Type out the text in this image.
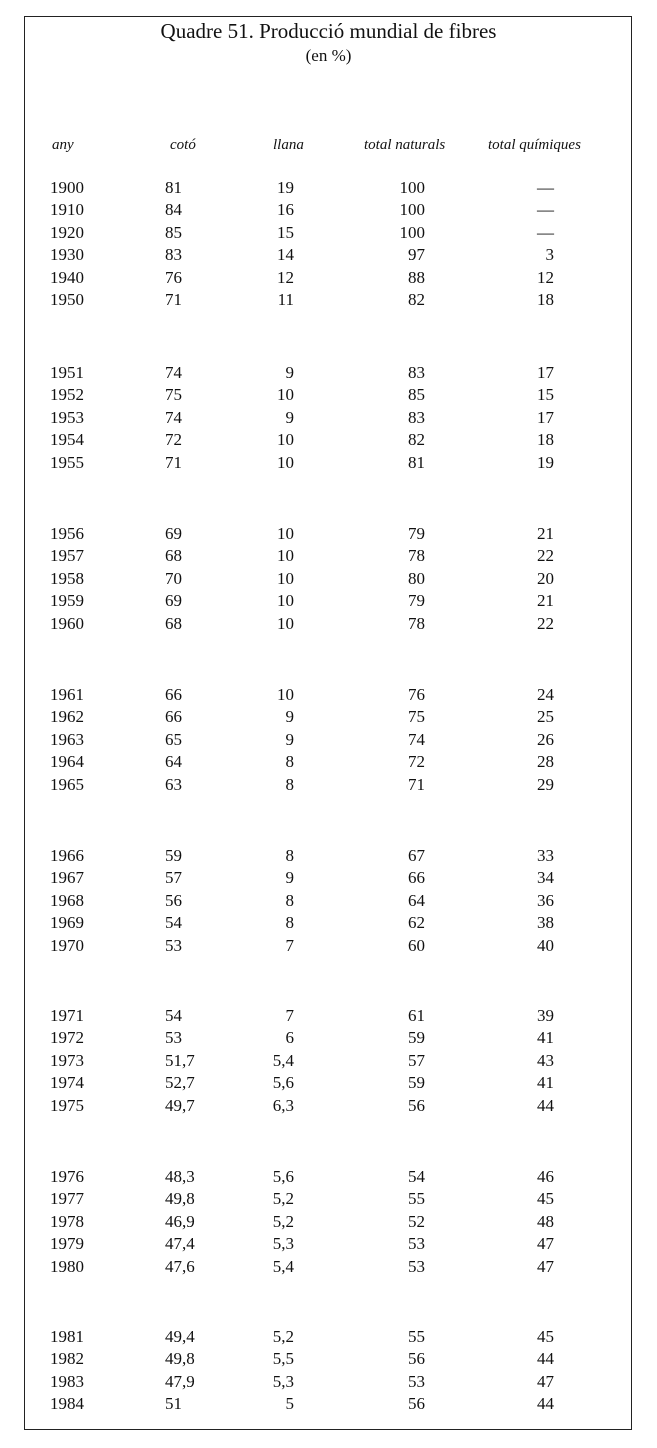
Quadre 51. Producció mundial de fibres
(en %)
any	cotó	llana	total naturals	total químiques
1900	81	19	100	—
1910	84	16	100	—
1920	85	15	100	—
1930	83	14	97	3
1940	76	12	88	12
1950	71	11	82	18
1951	74	9	83	17
1952	75	10	85	15
1953	74	9	83	17
1954	72	10	82	18
1955	71	10	81	19
1956	69	10	79	21
1957	68	10	78	22
1958	70	10	80	20
1959	69	10	79	21
1960	68	10	78	22
1961	66	10	76	24
1962	66	9	75	25
1963	65	9	74	26
1964	64	8	72	28
1965	63	8	71	29
1966	59	8	67	33
1967	57	9	66	34
1968	56	8	64	36
1969	54	8	62	38
1970	53	7	60	40
1971	54	7	61	39
1972	53	6	59	41
1973	51,7	5,4	57	43
1974	52,7	5,6	59	41
1975	49,7	6,3	56	44
1976	48,3	5,6	54	46
1977	49,8	5,2	55	45
1978	46,9	5,2	52	48
1979	47,4	5,3	53	47
1980	47,6	5,4	53	47
1981	49,4	5,2	55	45
1982	49,8	5,5	56	44
1983	47,9	5,3	53	47
1984	51	5	56	44
